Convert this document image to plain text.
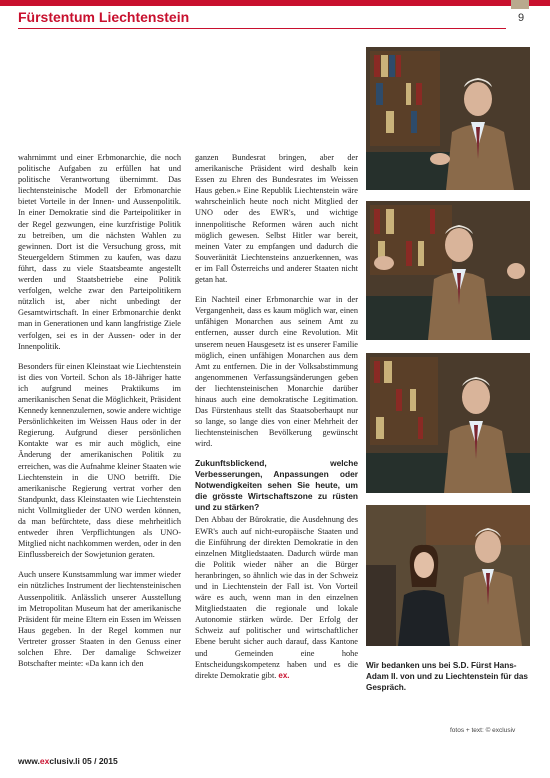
Fürstentum Liechtenstein	9

wahrnimmt und einer Erbmonarchie, die noch politische Aufgaben zu erfüllen hat und politische Verantwortung übernimmt. Das liechtensteinische Modell der Erbmonarchie bietet Vorteile in der Innen- und Aussenpolitik. In einer Demokratie sind die Parteipolitiker in der Regel gezwungen, eine kurzfristige Politik zu betreiben, um die nächsten Wahlen zu gewinnen. Dort ist die Versuchung gross, mit Steuergeldern Stimmen zu kaufen, was dazu führt, dass zu viele Staatsbeamte angestellt werden und Staatsbetriebe eine Politik verfolgen, welche zwar den Parteipolitikern nützlich ist, aber nicht unbedingt der Gesamtwirtschaft. In einer Erbmonarchie denkt man in Generationen und kann langfristige Ziele verfolgen, sei es in der Aussen- oder in der Innenpolitik.

Besonders für einen Kleinstaat wie Liechtenstein ist dies von Vorteil. Schon als 18-Jähriger hatte ich aufgrund meines Praktikums im amerikanischen Senat die Möglichkeit, Präsident Kennedy kennenzulernen, sowie andere wichtige Persönlichkeiten im Weissen Haus oder in der Regierung. Aufgrund dieser persönlichen Kontakte war es mir auch möglich, eine Änderung der amerikanischen Politik zu erreichen, was die Aufnahme kleiner Staaten wie Liechtenstein in die UNO betrifft. Die amerikanische Regierung vertrat vorher den Standpunkt, dass Kleinstaaten wie Liechtenstein nicht Vollmitglieder der UNO werden können, da man befürchtete, dass diese mehrheitlich entweder ihren Verpflichtungen als UNO-Mitglied nicht nachkommen werden, oder in den Einflussbereich der Sowjetunion geraten.

Auch unsere Kunstsammlung war immer wieder ein nützliches Instrument der liechtensteinischen Aussenpolitik. Anlässlich unserer Ausstellung im Metropolitan Museum hat der amerikanische Präsident für meine Eltern ein Essen im Weissen Haus gegeben. In der Regel kommen nur Vertreter grosser Staaten in den Genuss einer solchen Ehre. Der damalige Schweizer Botschafter meinte: «Da kann ich den

ganzen Bundesrat bringen, aber der amerikanische Präsident wird deshalb kein Essen zu Ehren des Bundesrates im Weissen Haus geben.» Eine Republik Liechtenstein wäre wahrscheinlich heute noch nicht Mitglied der UNO oder des EWR's, und wichtige innenpolitische Reformen wären auch nicht möglich gewesen. Selbst Hitler war bereit, meinen Vater zu empfangen und dadurch die Souveränität Liechtensteins anzuerkennen, was er im Fall Österreichs und anderer Staaten nicht getan hat.

Ein Nachteil einer Erbmonarchie war in der Vergangenheit, dass es kaum möglich war, einen unfähigen Monarchen aus seinem Amt zu entfernen, ausser durch eine Revolution. Mit unserem neuen Hausgesetz ist es unserer Familie möglich, einen unfähigen Monarchen aus dem Amt zu entfernen. Die in der Volksabstimmung angenommenen Verfassungsänderungen geben der liechtensteinischen Monarchie darüber hinaus auch eine demokratische Legitimation. Das Fürstenhaus stellt das Staatsoberhaupt nur so lange, so lange dies von einer Mehrheit der liechtensteinischen Bevölkerung gewünscht wird.

Zukunftsblickend, welche Verbesserungen, Anpassungen oder Notwendigkeiten sehen Sie heute, um die grösste Wirtschaftszone zu rüsten und zu stärken?

Den Abbau der Bürokratie, die Ausdehnung des EWR's auch auf nicht-europäische Staaten und die Einführung der direkten Demokratie in den einzelnen Mitgliedstaaten. Dadurch würde man die Politik wieder näher an die Bürger heranbringen, so ähnlich wie das in der Schweiz und in Liechtenstein der Fall ist. Von Vorteil wäre es auch, wenn man in den einzelnen Mitgliedstaaten die regionale und lokale Autonomie stärken würde. Der Erfolg der Schweiz auf politischer und wirtschaftlicher Ebene beruht sicher auch darauf, dass Kantone und Gemeinden eine hohe Entscheidungskompetenz haben und es die direkte Demokratie gibt. ex.

Wir bedanken uns bei S.D. Fürst Hans-Adam II. von und zu Liechtenstein für das Gespräch.
fotos + text: © exclusiv
www.exclusiv.li 05 / 2015
